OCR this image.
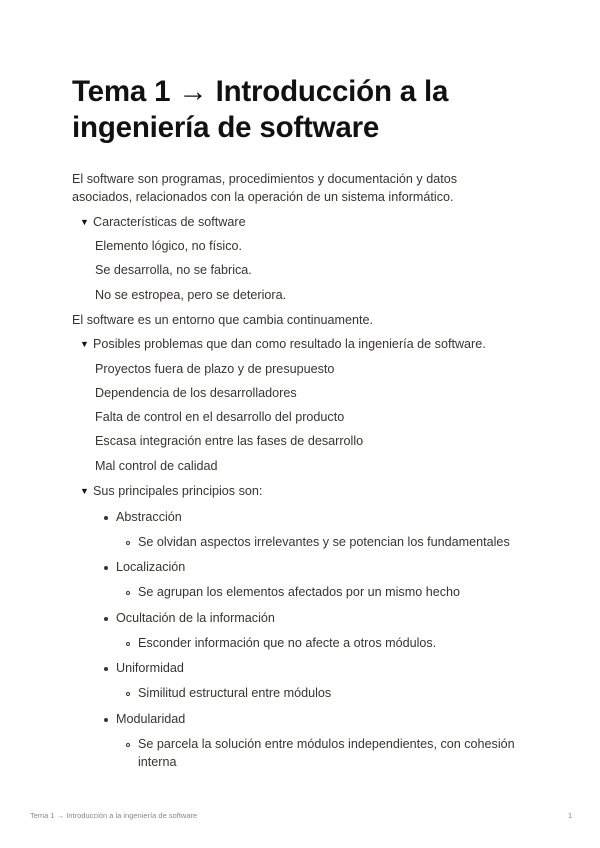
Tema 1 → Introducción a la ingeniería de software
El software son programas, procedimientos y documentación y datos asociados, relacionados con la operación de un sistema informático.
▼ Características de software
Elemento lógico, no físico.
Se desarrolla, no se fabrica.
No se estropea, pero se deteriora.
El software es un entorno que cambia continuamente.
▼ Posibles problemas que dan como resultado la ingeniería de software.
Proyectos fuera de plazo y de presupuesto
Dependencia de los desarrolladores
Falta de control en el desarrollo del producto
Escasa integración entre las fases de desarrollo
Mal control de calidad
▼ Sus principales principios son:
Abstracción
Se olvidan aspectos irrelevantes y se potencian los fundamentales
Localización
Se agrupan los elementos afectados por un mismo hecho
Ocultación de la información
Esconder información que no afecte a otros módulos.
Uniformidad
Similitud estructural entre módulos
Modularidad
Se parcela la solución entre módulos independientes, con cohesión
interna
Tema 1 → Introducción a la ingeniería de software	1
